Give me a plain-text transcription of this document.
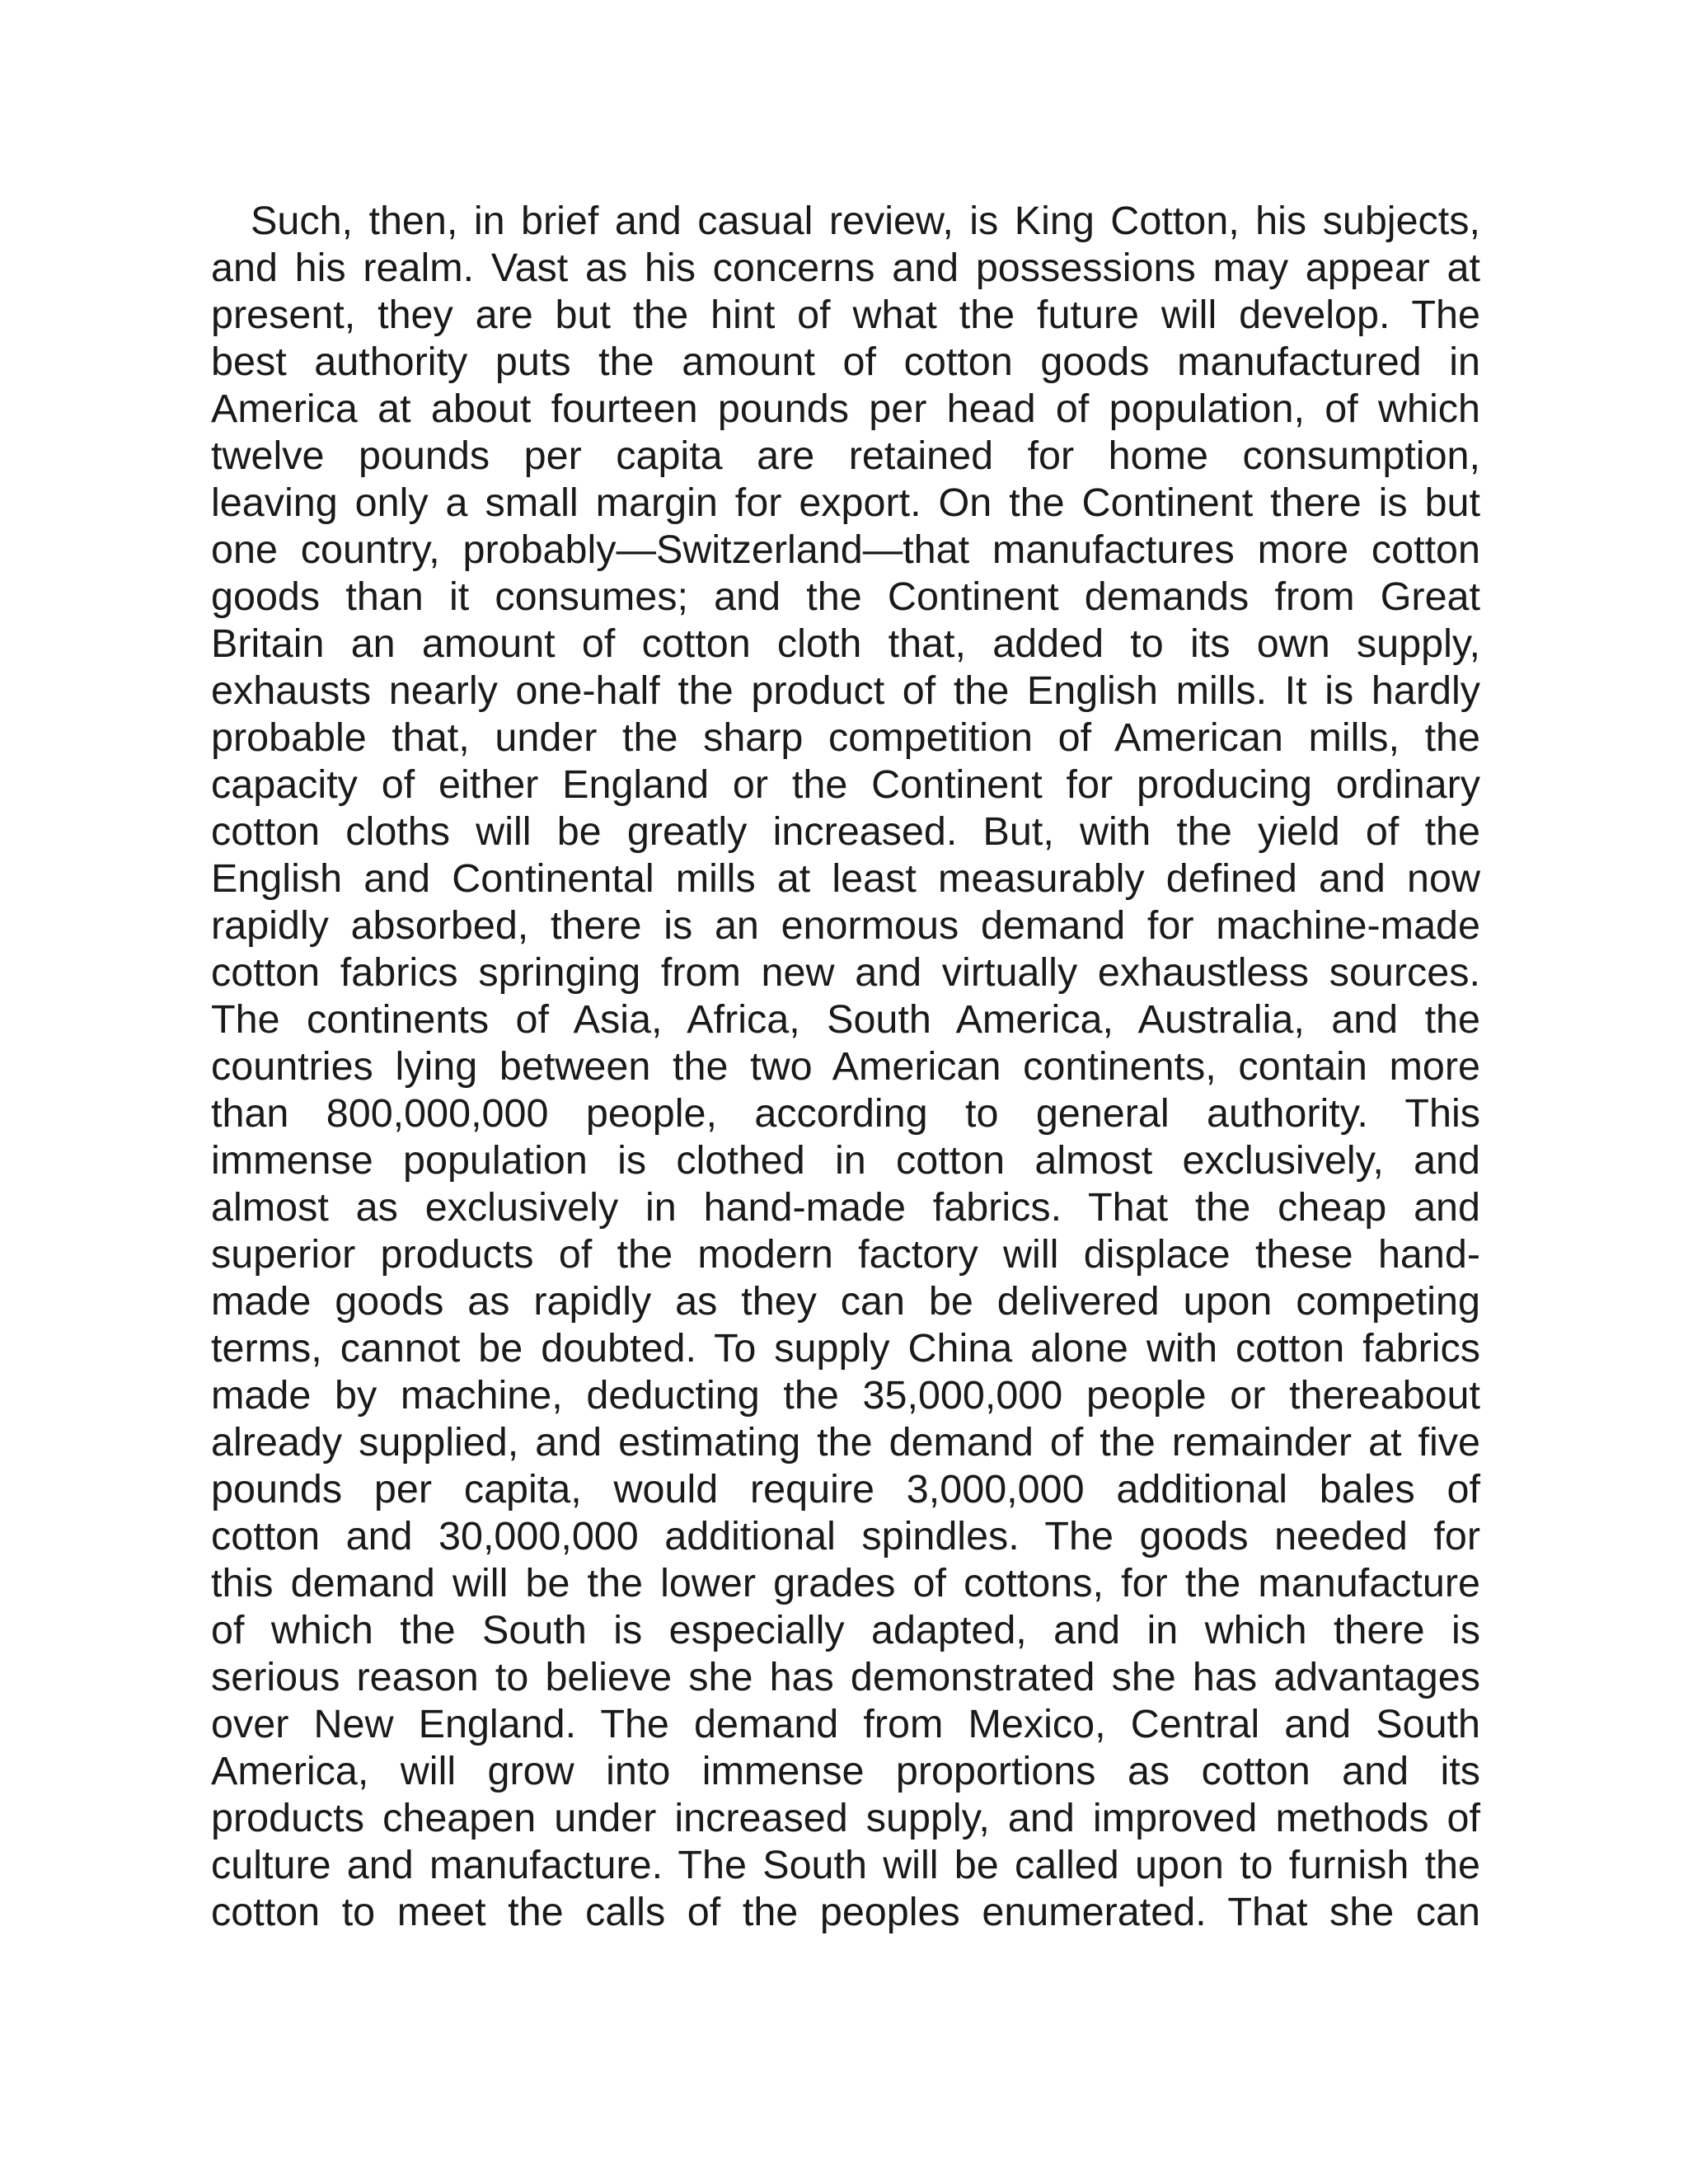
Such, then, in brief and casual review, is King Cotton, his subjects,
and his realm. Vast as his concerns and possessions may appear at
present, they are but the hint of what the future will develop. The
best authority puts the amount of cotton goods manufactured in
America at about fourteen pounds per head of population, of which
twelve pounds per capita are retained for home consumption,
leaving only a small margin for export. On the Continent there is but
one country, probably—Switzerland—that manufactures more cotton
goods than it consumes; and the Continent demands from Great
Britain an amount of cotton cloth that, added to its own supply,
exhausts nearly one-half the product of the English mills. It is hardly
probable that, under the sharp competition of American mills, the
capacity of either England or the Continent for producing ordinary
cotton cloths will be greatly increased. But, with the yield of the
English and Continental mills at least measurably defined and now
rapidly absorbed, there is an enormous demand for machine-made
cotton fabrics springing from new and virtually exhaustless sources.
The continents of Asia, Africa, South America, Australia, and the
countries lying between the two American continents, contain more
than 800,000,000 people, according to general authority. This
immense population is clothed in cotton almost exclusively, and
almost as exclusively in hand-made fabrics. That the cheap and
superior products of the modern factory will displace these hand-
made goods as rapidly as they can be delivered upon competing
terms, cannot be doubted. To supply China alone with cotton fabrics
made by machine, deducting the 35,000,000 people or thereabout
already supplied, and estimating the demand of the remainder at five
pounds per capita, would require 3,000,000 additional bales of
cotton and 30,000,000 additional spindles. The goods needed for
this demand will be the lower grades of cottons, for the manufacture
of which the South is especially adapted, and in which there is
serious reason to believe she has demonstrated she has advantages
over New England. The demand from Mexico, Central and South
America, will grow into immense proportions as cotton and its
products cheapen under increased supply, and improved methods of
culture and manufacture. The South will be called upon to furnish the
cotton to meet the calls of the peoples enumerated. That she can
